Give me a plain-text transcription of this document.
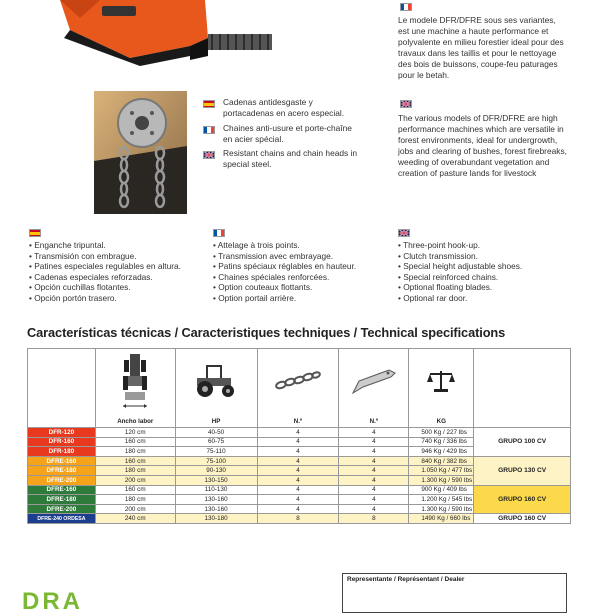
Le modele DFR/DFRE sous ses variantes, est une machine a haute performance et polyvalente en milieu forestier ideal pour des travaux dans les taillis et pour le nettoyage des bois de buissons, coupe-feu paturages pour le betah.
The various models of DFR/DFRE are high performance machines which are versatile in forest environments, ideal for undergrowth, jobs and clearing of bushes, forest firebreaks, weeding of overabundant vegetation and creation of pasture lands for livestock
Cadenas antidesgaste y portacadenas en acero especial.
Chaines anti-usure et porte-chaîne en acier spécial.
Resistant chains and chain heads in special steel.
• Enganche tripuntal.
• Transmisión con embrague.
• Patines especiales regulables en altura.
• Cadenas especiales reforzadas.
• Opción cuchillas flotantes.
• Opción portón trasero.
• Attelage à trois points.
• Transmission avec embrayage.
• Patins spéciaux réglables en hauteur.
• Chaines spéciales renforcées.
• Option couteaux flottants.
• Option portail arrière.
• Three-point hook-up.
• Clutch transmission.
• Special height adjustable shoes.
• Special reinforced chains.
• Optional floating blades.
• Optional rar door.
Características técnicas / Caracteristiques techniques / Technical specifications

	Ancho labor	HP	N.º	N.º	KG	
DFR-120	120 cm	40-50	4	4	500 Kg / 227 lbs	GRUPO 100 CV
DFR-160	160 cm	60-75	4	4	740 Kg / 336 lbs	
DFR-180	180 cm	75-110	4	4	946 Kg / 429 lbs	
DFRE-160	160 cm	75-100	4	4	840 Kg / 382 lbs	GRUPO 130 CV
DFRE-180	180 cm	90-130	4	4	1.050 Kg / 477 lbs	
DFRE-200	200 cm	130-150	4	4	1.300 Kg / 590 lbs	
DFRE-160	160 cm	110-130	4	4	900 Kg / 409 lbs	GRUPO 160 CV
DFRE-180	180 cm	130-160	4	4	1.200 Kg / 545 lbs	
DFRE-200	200 cm	130-160	4	4	1.300 Kg / 590 lbs	
DFRE-240 ORDESA	240 cm	130-180	8	8	1490 Kg / 660 lbs	GRUPO 160 CV
Representante / Représentant / Dealer
DRA
